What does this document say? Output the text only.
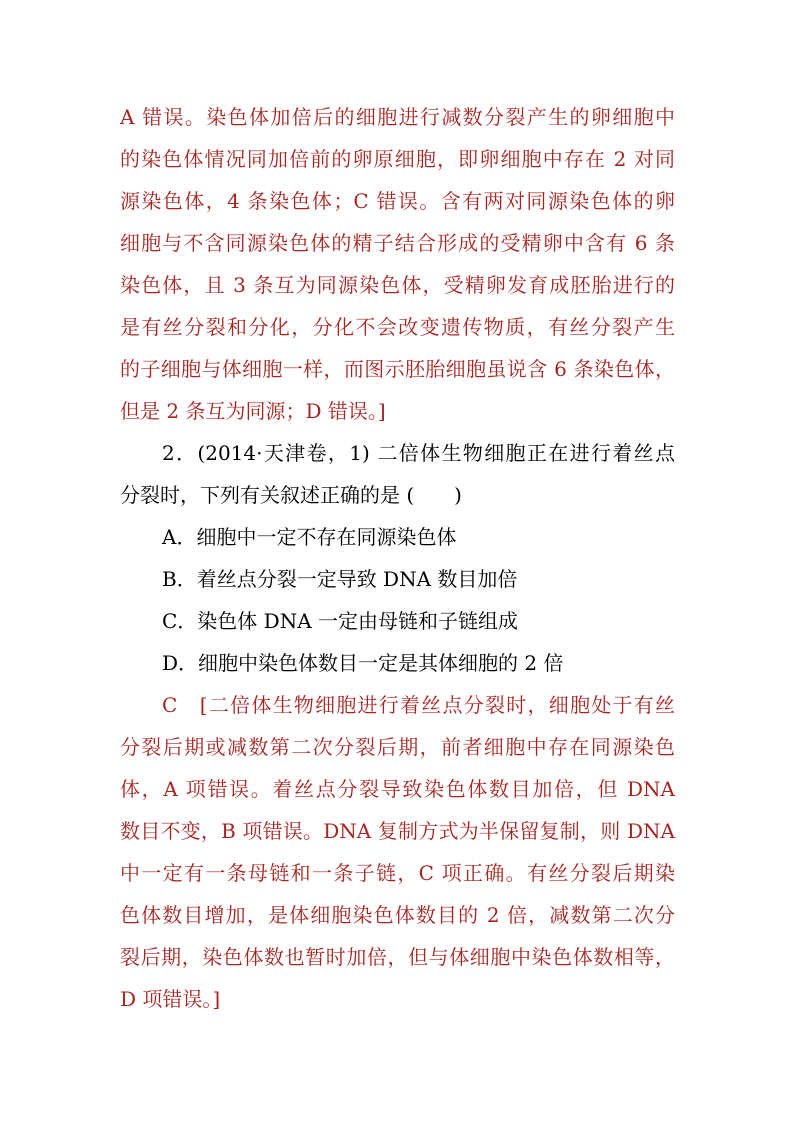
A 错误。染色体加倍后的细胞进行减数分裂产生的卵细胞中
的染色体情况同加倍前的卵原细胞，即卵细胞中存在 2 对同
源染色体，4 条染色体；C 错误。含有两对同源染色体的卵
细胞与不含同源染色体的精子结合形成的受精卵中含有 6 条
染色体，且 3 条互为同源染色体，受精卵发育成胚胎进行的
是有丝分裂和分化，分化不会改变遗传物质，有丝分裂产生
的子细胞与体细胞一样，而图示胚胎细胞虽说含 6 条染色体，
但是 2 条互为同源；D 错误。]
2．(2014·天津卷，1) 二倍体生物细胞正在进行着丝点
分裂时，下列有关叙述正确的是 (　　)
A．细胞中一定不存在同源染色体
B．着丝点分裂一定导致 DNA 数目加倍
C．染色体 DNA 一定由母链和子链组成
D．细胞中染色体数目一定是其体细胞的 2 倍
C　[二倍体生物细胞进行着丝点分裂时，细胞处于有丝
分裂后期或减数第二次分裂后期，前者细胞中存在同源染色
体，A 项错误。着丝点分裂导致染色体数目加倍，但 DNA
数目不变，B 项错误。DNA 复制方式为半保留复制，则 DNA
中一定有一条母链和一条子链，C 项正确。有丝分裂后期染
色体数目增加，是体细胞染色体数目的 2 倍，减数第二次分
裂后期，染色体数也暂时加倍，但与体细胞中染色体数相等，
D 项错误。]
